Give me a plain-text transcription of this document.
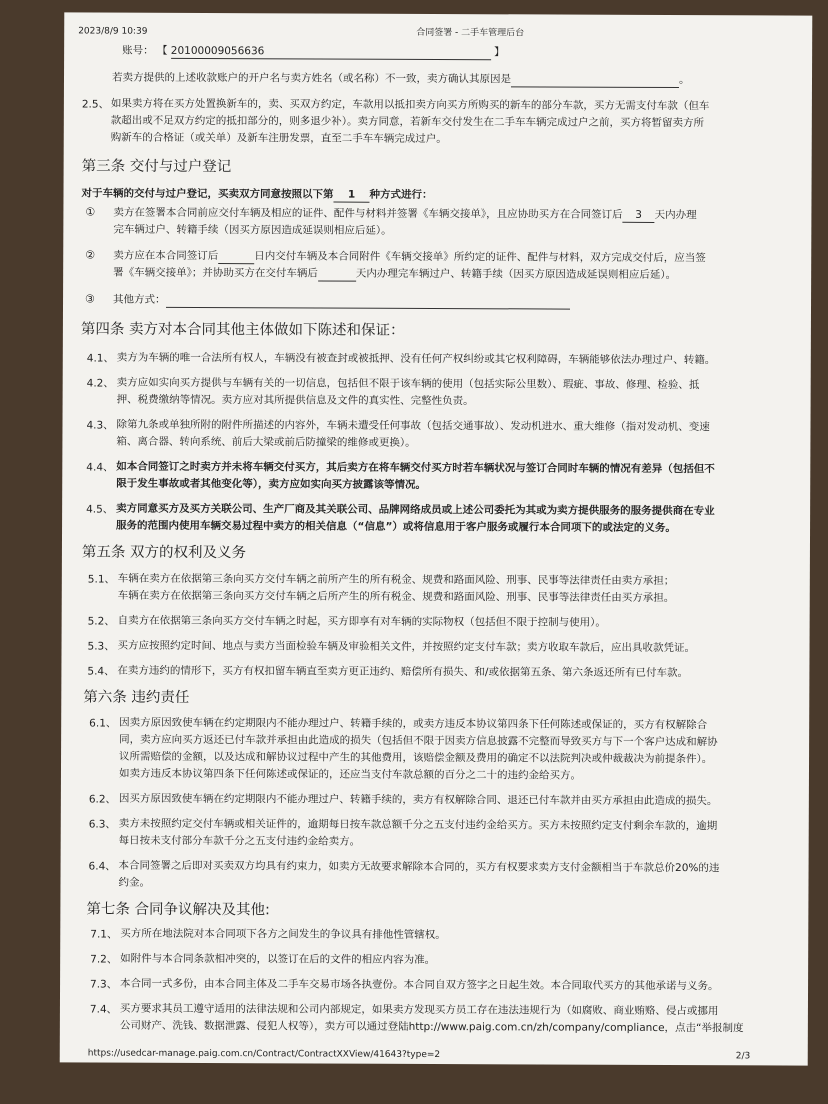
2023/8/9 10:39	合同签署 - 二手车管理后台
账号： 【 20100009056636	】
若卖方提供的上述收款账户的开户名与卖方姓名（或名称）不一致，卖方确认其原因是	。
2.5、 如果卖方将在买方处置换新车的，卖、买双方约定，车款用以抵扣卖方向买方所购买的新车的部分车款，买方无需支付车款（但车
款超出或不足双方约定的抵扣部分的，则多退少补）。卖方同意，若新车交付发生在二手车车辆完成过户之前，买方将暂留卖方所
购新车的合格证（或关单）及新车注册发票，直至二手车车辆完成过户。
第三条 交付与过户登记
对于车辆的交付与过户登记，买卖双方同意按照以下第 1 种方式进行：
① 卖方在签署本合同前应交付车辆及相应的证件、配件与材料并签署《车辆交接单》，且应协助买方在合同签订后 3 天内办理
完车辆过户、转籍手续（因买方原因造成延误则相应后延）。
② 卖方应在本合同签订后	日内交付车辆及本合同附件《车辆交接单》所约定的证件、配件与材料，双方完成交付后，应当签
署《车辆交接单》；并协助买方在交付车辆后	天内办理完车辆过户、转籍手续（因买方原因造成延误则相应后延）。
③ 其他方式：
第四条 卖方对本合同其他主体做如下陈述和保证：
4.1、 卖方为车辆的唯一合法所有权人，车辆没有被查封或被抵押、没有任何产权纠纷或其它权利障碍，车辆能够依法办理过户、转籍。
4.2、 卖方应如实向买方提供与车辆有关的一切信息，包括但不限于该车辆的使用（包括实际公里数）、瑕疵、事故、修理、检验、抵
押、税费缴纳等情况。卖方应对其所提供信息及文件的真实性、完整性负责。
4.3、 除第九条或单独所附的附件所描述的内容外，车辆未遭受任何事故（包括交通事故）、发动机进水、重大维修（指对发动机、变速
箱、离合器、转向系统、前后大梁或前后防撞梁的维修或更换）。
4.4、 如本合同签订之时卖方并未将车辆交付买方，其后卖方在将车辆交付买方时若车辆状况与签订合同时车辆的情况有差异（包括但不
限于发生事故或者其他变化等），卖方应如实向买方披露该等情况。
4.5、 卖方同意买方及买方关联公司、生产厂商及其关联公司、品牌网络成员或上述公司委托为其或为卖方提供服务的服务提供商在专业
服务的范围内使用车辆交易过程中卖方的相关信息（“信息”）或将信息用于客户服务或履行本合同项下的或法定的义务。
第五条 双方的权利及义务
5.1、 车辆在卖方在依据第三条向买方交付车辆之前所产生的所有税金、规费和路面风险、刑事、民事等法律责任由卖方承担；
车辆在卖方在依据第三条向买方交付车辆之后所产生的所有税金、规费和路面风险、刑事、民事等法律责任由买方承担。
5.2、 自卖方在依据第三条向买方交付车辆之时起，买方即享有对车辆的实际物权（包括但不限于控制与使用）。
5.3、 买方应按照约定时间、地点与卖方当面检验车辆及审验相关文件，并按照约定支付车款；卖方收取车款后，应出具收款凭证。
5.4、 在卖方违约的情形下，买方有权扣留车辆直至卖方更正违约、赔偿所有损失、和/或依据第五条、第六条返还所有已付车款。
第六条 违约责任
6.1、 因卖方原因致使车辆在约定期限内不能办理过户、转籍手续的，或卖方违反本协议第四条下任何陈述或保证的，买方有权解除合
同，卖方应向买方返还已付车款并承担由此造成的损失（包括但不限于因卖方信息披露不完整而导致买方与下一个客户达成和解协
议所需赔偿的金额，以及达成和解协议过程中产生的其他费用，该赔偿金额及费用的确定不以法院判决或仲裁裁决为前提条件）。
如卖方违反本协议第四条下任何陈述或保证的，还应当支付车款总额的百分之二十的违约金给买方。
6.2、 因买方原因致使车辆在约定期限内不能办理过户、转籍手续的，卖方有权解除合同、退还已付车款并由买方承担由此造成的损失。
6.3、 卖方未按照约定交付车辆或相关证件的，逾期每日按车款总额千分之五支付违约金给买方。买方未按照约定支付剩余车款的，逾期
每日按未支付部分车款千分之五支付违约金给卖方。
6.4、 本合同签署之后即对买卖双方均具有约束力，如卖方无故要求解除本合同的，买方有权要求卖方支付金额相当于车款总价20%的违
约金。
第七条 合同争议解决及其他:
7.1、 买方所在地法院对本合同项下各方之间发生的争议具有排他性管辖权。
7.2、 如附件与本合同条款相冲突的，以签订在后的文件的相应内容为准。
7.3、 本合同一式多份，由本合同主体及二手车交易市场各执壹份。本合同自双方签字之日起生效。本合同取代买方的其他承诺与义务。
7.4、 买方要求其员工遵守适用的法律法规和公司内部规定，如果卖方发现买方员工存在违法违规行为（如腐败、商业贿赂、侵占或挪用
公司财产、洗钱、数据泄露、侵犯人权等），卖方可以通过登陆http://www.paig.com.cn/zh/company/compliance，点击“举报制度
https://usedcar-manage.paig.com.cn/Contract/ContractXXView/41643?type=2	2/3
